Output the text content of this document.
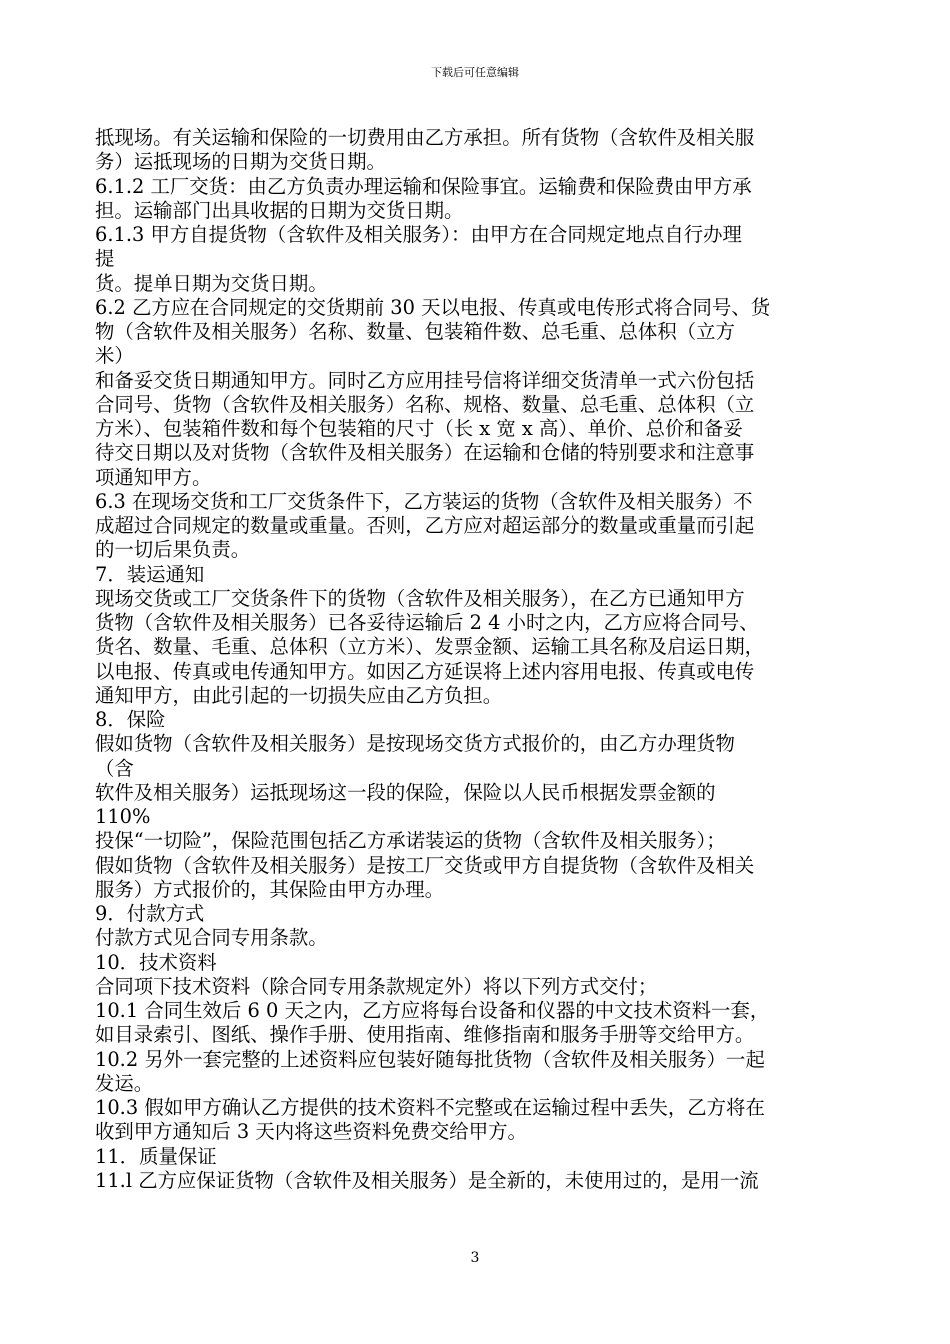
下载后可任意编辑
抵现场。有关运输和保险的一切费用由乙方承担。所有货物（含软件及相关服
务）运抵现场的日期为交货日期。
6.1.2 工厂交货：由乙方负责办理运输和保险事宜。运输费和保险费由甲方承
担。运输部门出具收据的日期为交货日期。
6.1.3 甲方自提货物（含软件及相关服务）：由甲方在合同规定地点自行办理
提
货。提单日期为交货日期。
6.2 乙方应在合同规定的交货期前 30 天以电报、传真或电传形式将合同号、货
物（含软件及相关服务）名称、数量、包装箱件数、总毛重、总体积（立方
米）
和备妥交货日期通知甲方。同时乙方应用挂号信将详细交货清单一式六份包括
合同号、货物（含软件及相关服务）名称、规格、数量、总毛重、总体积（立
方米）、包装箱件数和每个包装箱的尺寸（长 x 宽 x 高）、单价、总价和备妥
待交日期以及对货物（含软件及相关服务）在运输和仓储的特别要求和注意事
项通知甲方。
6.3 在现场交货和工厂交货条件下，乙方装运的货物（含软件及相关服务）不
成超过合同规定的数量或重量。否则，乙方应对超运部分的数量或重量而引起
的一切后果负责。
7．装运通知
现场交货或工厂交货条件下的货物（含软件及相关服务），在乙方已通知甲方
货物（含软件及相关服务）已各妥待运输后 2 4 小时之内，乙方应将合同号、
货名、数量、毛重、总体积（立方米）、发票金额、运输工具名称及启运日期，
以电报、传真或电传通知甲方。如因乙方延误将上述内容用电报、传真或电传
通知甲方，由此引起的一切损失应由乙方负担。
8．保险
假如货物（含软件及相关服务）是按现场交货方式报价的，由乙方办理货物
（含
软件及相关服务）运抵现场这一段的保险，保险以人民币根据发票金额的
110%
投保“一切险”，保险范围包括乙方承诺装运的货物（含软件及相关服务）；
假如货物（含软件及相关服务）是按工厂交货或甲方自提货物（含软件及相关
服务）方式报价的，其保险由甲方办理。
9．付款方式
付款方式见合同专用条款。
10．技术资料
合同项下技术资料（除合同专用条款规定外）将以下列方式交付；
10.1 合同生效后 6 0 天之内，乙方应将每台设备和仪器的中文技术资料一套，
如目录索引、图纸、操作手册、使用指南、维修指南和服务手册等交给甲方。
10.2 另外一套完整的上述资料应包装好随每批货物（含软件及相关服务）一起
发运。
10.3 假如甲方确认乙方提供的技术资料不完整或在运输过程中丢失，乙方将在
收到甲方通知后 3 天内将这些资料免费交给甲方。
11．质量保证
11.l 乙方应保证货物（含软件及相关服务）是全新的，未使用过的，是用一流
3
